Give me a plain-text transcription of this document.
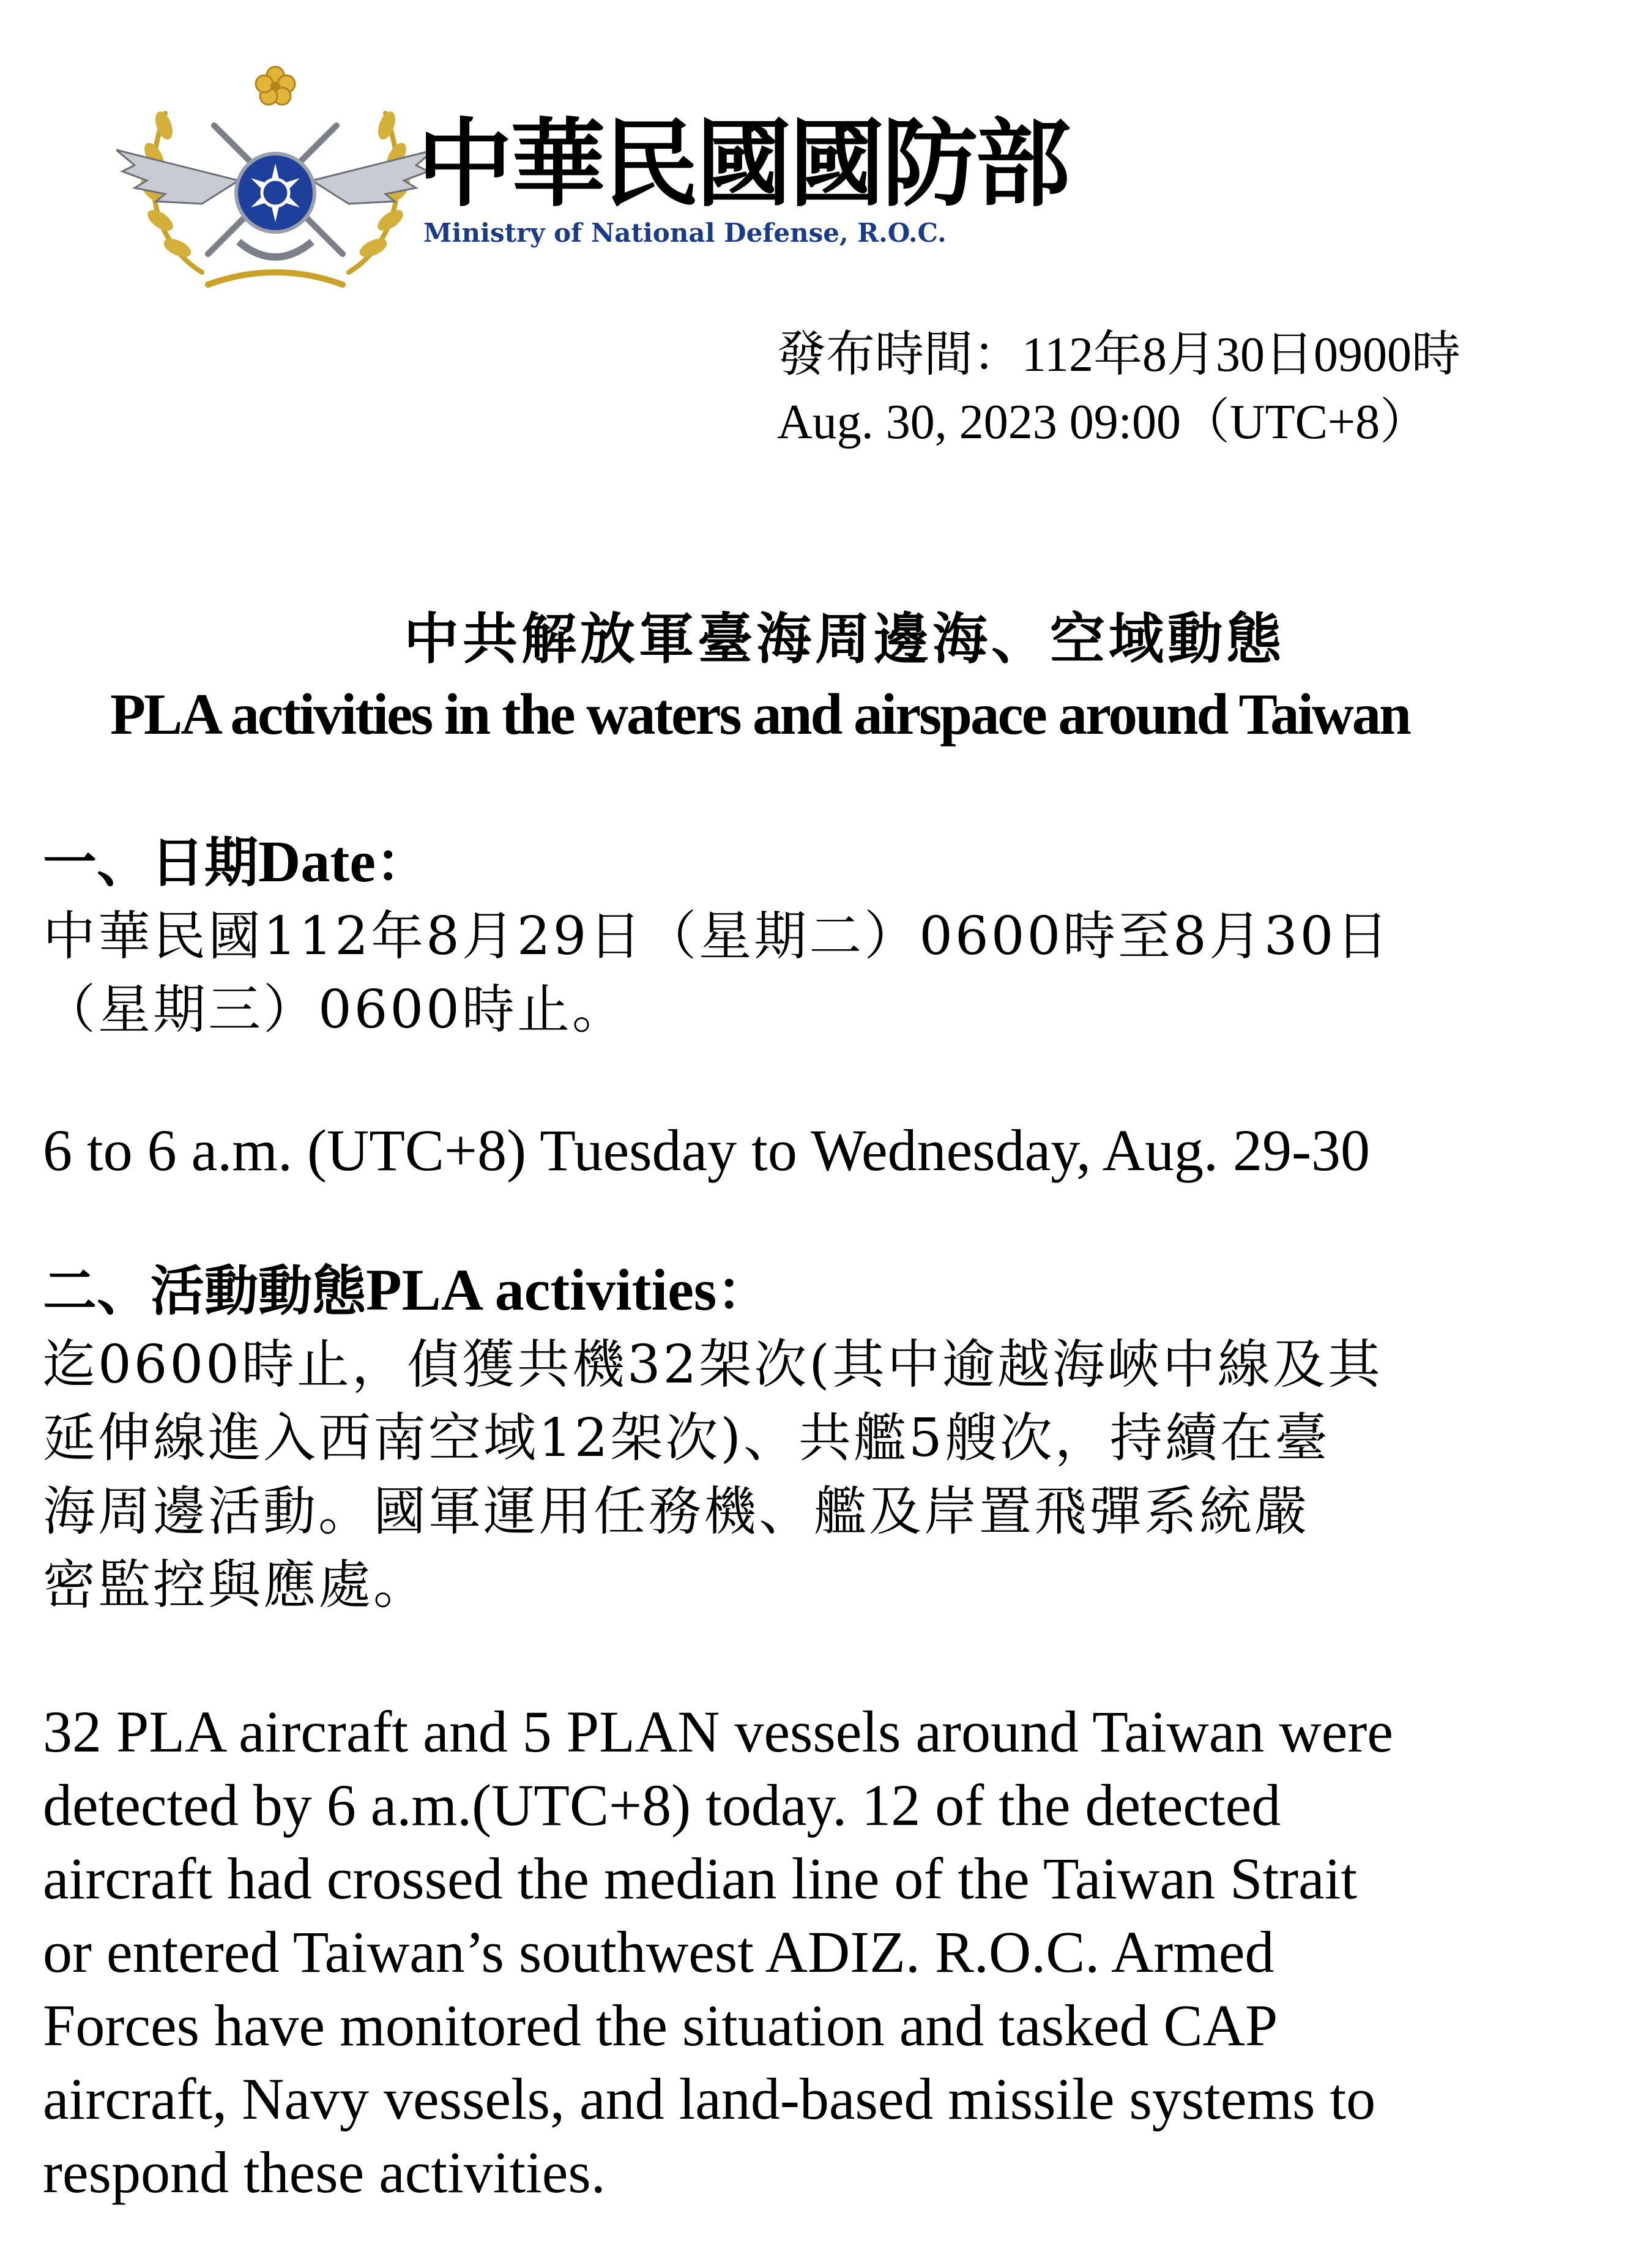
中華民國國防部
Ministry of National Defense, R.O.C.
發布時間：112年8月30日0900時
Aug. 30, 2023 09:00（UTC+8）
中共解放軍臺海周邊海、空域動態
PLA activities in the waters and airspace around Taiwan
一、日期Date：
中華民國112年8月29日（星期二）0600時至8月30日
（星期三）0600時止。
6 to 6 a.m. (UTC+8) Tuesday to Wednesday, Aug. 29-30
二、活動動態PLA activities：
迄0600時止，偵獲共機32架次(其中逾越海峽中線及其
延伸線進入西南空域12架次)、共艦5艘次，持續在臺
海周邊活動。國軍運用任務機、艦及岸置飛彈系統嚴
密監控與應處。
32 PLA aircraft and 5 PLAN vessels around Taiwan were
detected by 6 a.m.(UTC+8) today. 12 of the detected
aircraft had crossed the median line of the Taiwan Strait
or entered Taiwan’s southwest ADIZ. R.O.C. Armed
Forces have monitored the situation and tasked CAP
aircraft, Navy vessels, and land-based missile systems to
respond these activities.
